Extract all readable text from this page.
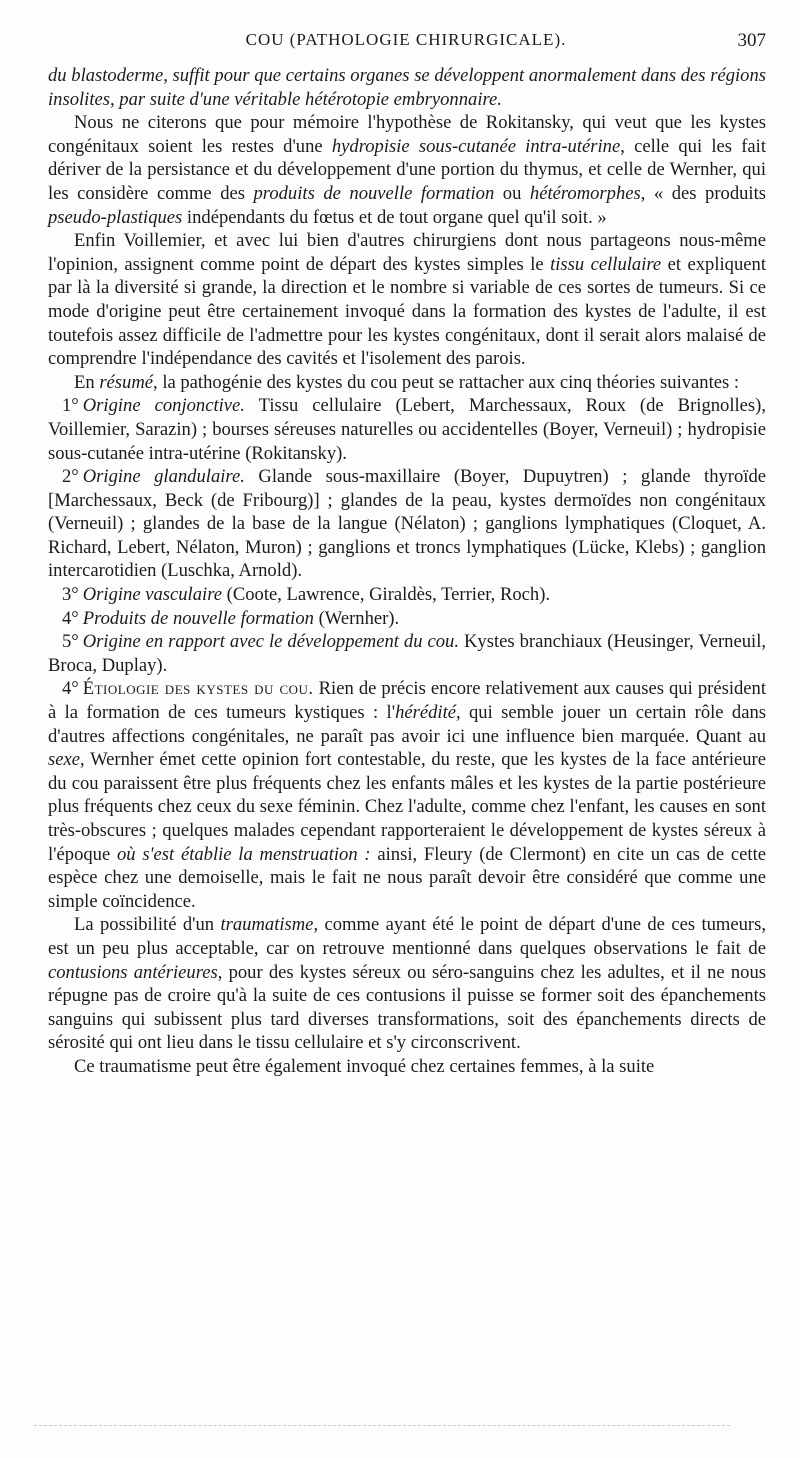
COU (PATHOLOGIE CHIRURGICALE).	307

du blastoderme, suffit pour que certains organes se développent anormalement dans des régions insolites, par suite d'une véritable hétérotopie embryonnaire.

Nous ne citerons que pour mémoire l'hypothèse de Rokitansky, qui veut que les kystes congénitaux soient les restes d'une hydropisie sous-cutanée intra-utérine, celle qui les fait dériver de la persistance et du développement d'une portion du thymus, et celle de Wernher, qui les considère comme des produits de nouvelle formation ou hétéromorphes, « des produits pseudo-plastiques indépendants du fœtus et de tout organe quel qu'il soit. »

Enfin Voillemier, et avec lui bien d'autres chirurgiens dont nous partageons nous-même l'opinion, assignent comme point de départ des kystes simples le tissu cellulaire et expliquent par là la diversité si grande, la direction et le nombre si variable de ces sortes de tumeurs. Si ce mode d'origine peut être certainement invoqué dans la formation des kystes de l'adulte, il est toutefois assez difficile de l'admettre pour les kystes congénitaux, dont il serait alors malaisé de comprendre l'indépendance des cavités et l'isolement des parois.

En résumé, la pathogénie des kystes du cou peut se rattacher aux cinq théories suivantes :

1° Origine conjonctive. Tissu cellulaire (Lebert, Marchessaux, Roux (de Brignolles), Voillemier, Sarazin) ; bourses séreuses naturelles ou accidentelles (Boyer, Verneuil) ; hydropisie sous-cutanée intra-utérine (Rokitansky).

2° Origine glandulaire. Glande sous-maxillaire (Boyer, Dupuytren) ; glande thyroïde [Marchessaux, Beck (de Fribourg)] ; glandes de la peau, kystes dermoïdes non congénitaux (Verneuil) ; glandes de la base de la langue (Nélaton) ; ganglions lymphatiques (Cloquet, A. Richard, Lebert, Nélaton, Muron) ; ganglions et troncs lymphatiques (Lücke, Klebs) ; ganglion intercarotidien (Luschka, Arnold).

3° Origine vasculaire (Coote, Lawrence, Giraldès, Terrier, Roch).

4° Produits de nouvelle formation (Wernher).

5° Origine en rapport avec le développement du cou. Kystes branchiaux (Heusinger, Verneuil, Broca, Duplay).

4° Étiologie des kystes du cou. Rien de précis encore relativement aux causes qui président à la formation de ces tumeurs kystiques : l'hérédité, qui semble jouer un certain rôle dans d'autres affections congénitales, ne paraît pas avoir ici une influence bien marquée. Quant au sexe, Wernher émet cette opinion fort contestable, du reste, que les kystes de la face antérieure du cou paraissent être plus fréquents chez les enfants mâles et les kystes de la partie postérieure plus fréquents chez ceux du sexe féminin. Chez l'adulte, comme chez l'enfant, les causes en sont très-obscures ; quelques malades cependant rapporteraient le développement de kystes séreux à l'époque où s'est établie la menstruation : ainsi, Fleury (de Clermont) en cite un cas de cette espèce chez une demoiselle, mais le fait ne nous paraît devoir être considéré que comme une simple coïncidence.

La possibilité d'un traumatisme, comme ayant été le point de départ d'une de ces tumeurs, est un peu plus acceptable, car on retrouve mentionné dans quelques observations le fait de contusions antérieures, pour des kystes séreux ou séro-sanguins chez les adultes, et il ne nous répugne pas de croire qu'à la suite de ces contusions il puisse se former soit des épanchements sanguins qui subissent plus tard diverses transformations, soit des épanchements directs de sérosité qui ont lieu dans le tissu cellulaire et s'y circonscrivent.

Ce traumatisme peut être également invoqué chez certaines femmes, à la suite
